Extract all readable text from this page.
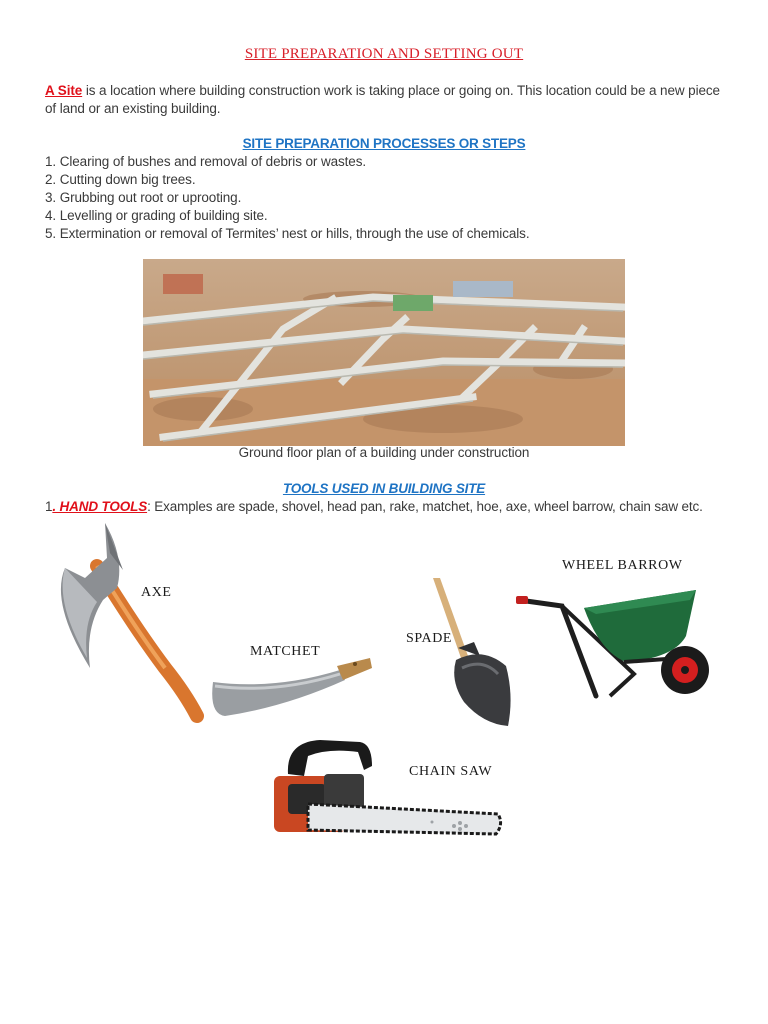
SITE PREPARATION AND SETTING OUT
A Site is a location where building construction work is taking place or going on. This location could be a new piece of land or an existing building.
SITE PREPARATION PROCESSES OR STEPS
1. Clearing of bushes and removal of debris or wastes.
2. Cutting down big trees.
3. Grubbing out root or uprooting.
4. Levelling or grading of building site.
5. Extermination or removal of Termites’ nest or hills, through the use of chemicals.
Ground floor plan of a building under construction
TOOLS USED IN BUILDING SITE
1. HAND TOOLS: Examples are spade, shovel, head pan, rake, matchet, hoe, axe, wheel barrow, chain saw etc.
AXE
MATCHET
SPADE
WHEEL BARROW
CHAIN SAW
